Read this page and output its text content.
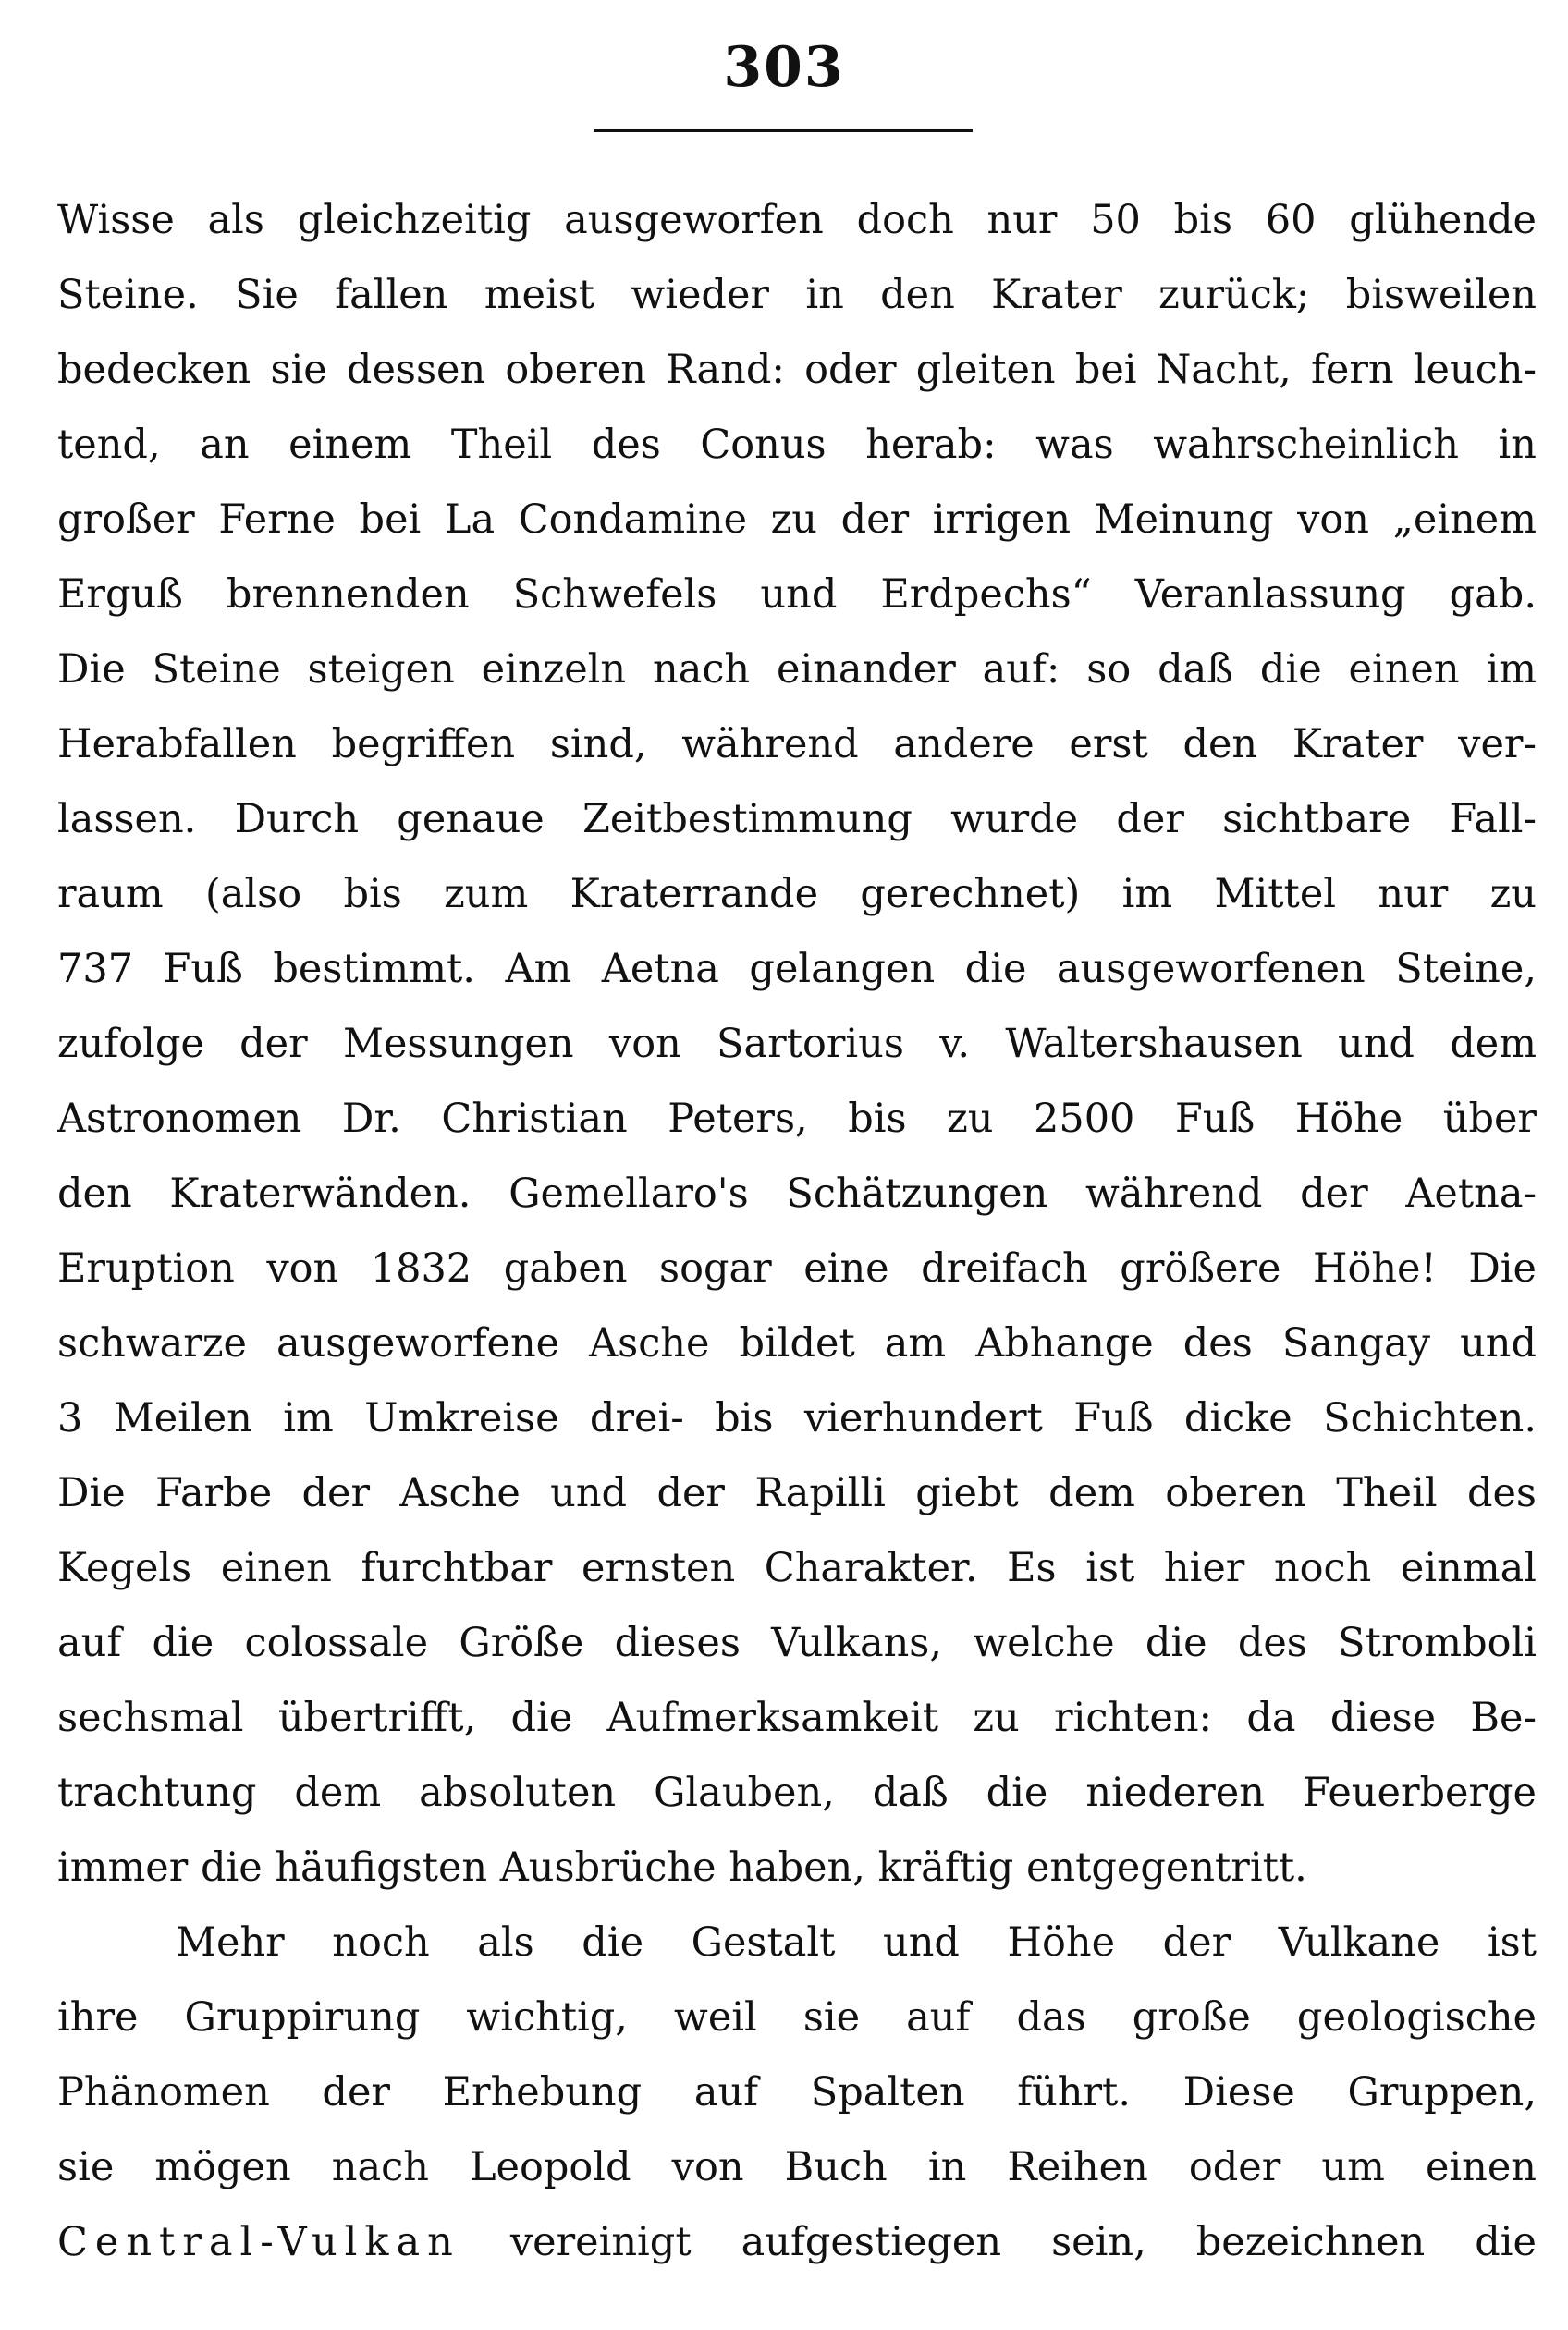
303
Wisse als gleichzeitig ausgeworfen doch nur 50 bis 60 glühende
Steine. Sie fallen meist wieder in den Krater zurück; bisweilen
bedecken sie dessen oberen Rand: oder gleiten bei Nacht, fern leuch-
tend, an einem Theil des Conus herab: was wahrscheinlich in
großer Ferne bei La Condamine zu der irrigen Meinung von „einem
Erguß brennenden Schwefels und Erdpechs“ Veranlassung gab.
Die Steine steigen einzeln nach einander auf: so daß die einen im
Herabfallen begriffen sind, während andere erst den Krater ver-
lassen. Durch genaue Zeitbestimmung wurde der sichtbare Fall-
raum (also bis zum Kraterrande gerechnet) im Mittel nur zu
737 Fuß bestimmt. Am Aetna gelangen die ausgeworfenen Steine,
zufolge der Messungen von Sartorius v. Waltershausen und dem
Astronomen Dr. Christian Peters, bis zu 2500 Fuß Höhe über
den Kraterwänden. Gemellaro's Schätzungen während der Aetna-
Eruption von 1832 gaben sogar eine dreifach größere Höhe! Die
schwarze ausgeworfene Asche bildet am Abhange des Sangay und
3 Meilen im Umkreise drei- bis vierhundert Fuß dicke Schichten.
Die Farbe der Asche und der Rapilli giebt dem oberen Theil des
Kegels einen furchtbar ernsten Charakter. Es ist hier noch einmal
auf die colossale Größe dieses Vulkans, welche die des Stromboli
sechsmal übertrifft, die Aufmerksamkeit zu richten: da diese Be-
trachtung dem absoluten Glauben, daß die niederen Feuerberge
immer die häufigsten Ausbrüche haben, kräftig entgegentritt.
Mehr noch als die Gestalt und Höhe der Vulkane ist
ihre Gruppirung wichtig, weil sie auf das große geologische
Phänomen der Erhebung auf Spalten führt. Diese Gruppen,
sie mögen nach Leopold von Buch in Reihen oder um einen
Central-Vulkan vereinigt aufgestiegen sein, bezeichnen die
